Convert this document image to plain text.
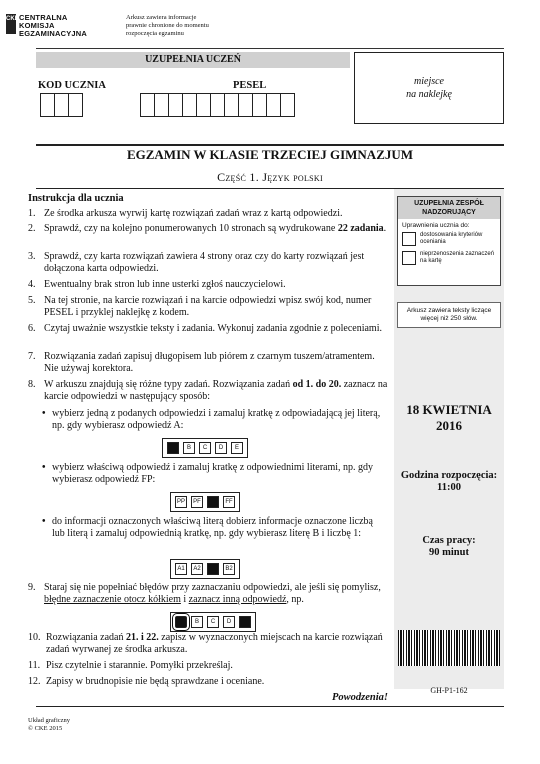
CKE CENTRALNA
KOMISJA
EGZAMINACYJNA
Arkusz zawiera informacje
prawnie chronione do momentu
rozpoczęcia egzaminu
UZUPEŁNIA UCZEŃ
KOD UCZNIA	PESEL	miejsce
na naklejkę
EGZAMIN W KLASIE TRZECIEJ GIMNAZJUM
Część 1. Język polski
UZUPEŁNIA ZESPÓŁ NADZORUJĄCY
Uprawnienia ucznia do:
dostosowania kryteriów oceniania
nieprzenoszenia zaznaczeń na kartę
Arkusz zawiera teksty liczące więcej niż 250 słów.
18 KWIETNIA
2016
Godzina rozpoczęcia:
11:00
Czas pracy:
90 minut
GH-P1-162
Instrukcja dla ucznia
1. Ze środka arkusza wyrwij kartę rozwiązań zadań wraz z kartą odpowiedzi.
2. Sprawdź, czy na kolejno ponumerowanych 10 stronach są wydrukowane 22 zadania.
3. Sprawdź, czy karta rozwiązań zawiera 4 strony oraz czy do karty rozwiązań jest dołączona karta odpowiedzi.
4. Ewentualny brak stron lub inne usterki zgłoś nauczycielowi.
5. Na tej stronie, na karcie rozwiązań i na karcie odpowiedzi wpisz swój kod, numer PESEL i przyklej naklejkę z kodem.
6. Czytaj uważnie wszystkie teksty i zadania. Wykonuj zadania zgodnie z poleceniami.
7. Rozwiązania zadań zapisuj długopisem lub piórem z czarnym tuszem/atramentem. Nie używaj korektora.
8. W arkuszu znajdują się różne typy zadań. Rozwiązania zadań od 1. do 20. zaznacz na karcie odpowiedzi w następujący sposób:
• wybierz jedną z podanych odpowiedzi i zamaluj kratkę z odpowiadającą jej literą, np. gdy wybierasz odpowiedź A:
B	C	D	E
• wybierz właściwą odpowiedź i zamaluj kratkę z odpowiednimi literami, np. gdy wybierasz odpowiedź FP:
PP	PF	FF
• do informacji oznaczonych właściwą literą dobierz informacje oznaczone liczbą lub literą i zamaluj odpowiednią kratkę, np. gdy wybierasz literę B i liczbę 1:
A1	A2	B2
9. Staraj się nie popełniać błędów przy zaznaczaniu odpowiedzi, ale jeśli się pomylisz, błędne zaznaczenie otocz kółkiem i zaznacz inną odpowiedź, np.
B	C	D
10. Rozwiązania zadań 21. i 22. zapisz w wyznaczonych miejscach na karcie rozwiązań zadań wyrwanej ze środka arkusza.
11. Pisz czytelnie i starannie. Pomyłki przekreślaj.
12. Zapisy w brudnopisie nie będą sprawdzane i oceniane.
Powodzenia!
Układ graficzny
© CKE 2015
